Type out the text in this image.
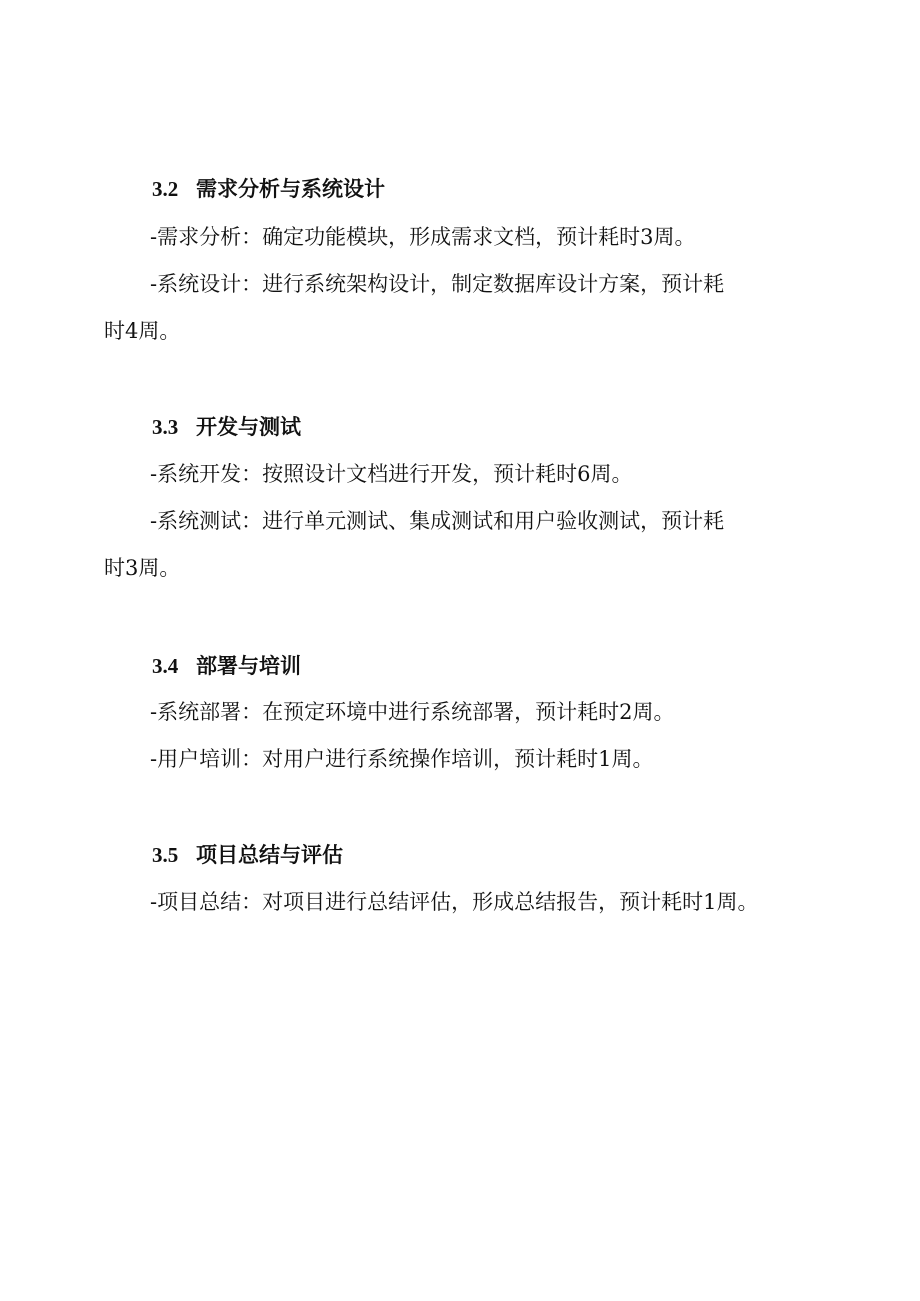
3.2 需求分析与系统设计
-需求分析：确定功能模块，形成需求文档，预计耗时3周。
-系统设计：进行系统架构设计，制定数据库设计方案，预计耗
时4周。
3.3 开发与测试
-系统开发：按照设计文档进行开发，预计耗时6周。
-系统测试：进行单元测试、集成测试和用户验收测试，预计耗
时3周。
3.4 部署与培训
-系统部署：在预定环境中进行系统部署，预计耗时2周。
-用户培训：对用户进行系统操作培训，预计耗时1周。
3.5 项目总结与评估
-项目总结：对项目进行总结评估，形成总结报告，预计耗时1周。
